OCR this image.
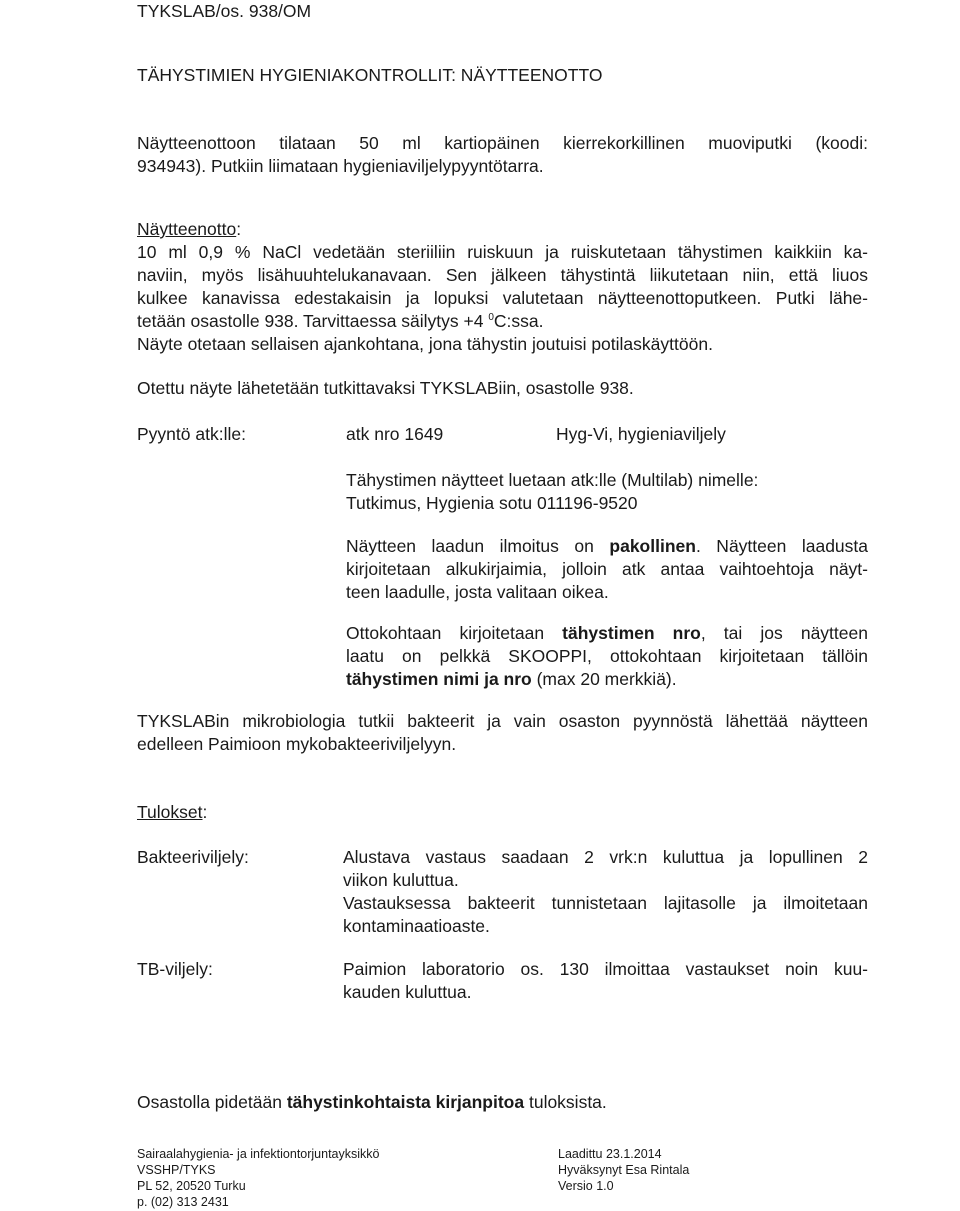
TYKSLAB/os. 938/OM
TÄHYSTIMIEN HYGIENIAKONTROLLIT: NÄYTTEENOTTO
Näytteenottoon tilataan 50 ml kartiopäinen kierrekorkillinen muoviputki (koodi:
934943). Putkiin liimataan hygieniaviljelypyyntötarra.
Näytteenotto:
10 ml 0,9 % NaCl vedetään steriiliin ruiskuun ja ruiskutetaan tähystimen kaikkiin ka-
naviin, myös lisähuuhtelukanavaan. Sen jälkeen tähystintä liikutetaan niin, että liuos
kulkee kanavissa edestakaisin ja lopuksi valutetaan näytteenottoputkeen. Putki lähe-
tetään osastolle 938. Tarvittaessa säilytys +4 $^0$C:ssa.
Näyte otetaan sellaisen ajankohtana, jona tähystin joutuisi potilaskäyttöön.
Otettu näyte lähetetään tutkittavaksi TYKSLABiin, osastolle 938.
Pyyntö atk:lle:	atk nro 1649	Hyg-Vi, hygieniaviljely
Tähystimen näytteet luetaan atk:lle (Multilab) nimelle:
Tutkimus, Hygienia sotu 011196-9520
Näytteen laadun ilmoitus on pakollinen. Näytteen laadusta
kirjoitetaan alkukirjaimia, jolloin atk antaa vaihtoehtoja näyt-
teen laadulle, josta valitaan oikea.
Ottokohtaan kirjoitetaan tähystimen nro, tai jos näytteen
laatu on pelkkä SKOOPPI, ottokohtaan kirjoitetaan tällöin
tähystimen nimi ja nro (max 20 merkkiä).
TYKSLABin mikrobiologia tutkii bakteerit ja vain osaston pyynnöstä lähettää näytteen
edelleen Paimioon mykobakteeriviljelyyn.
Tulokset:
Bakteeriviljely:	Alustava vastaus saadaan 2 vrk:n kuluttua ja lopullinen 2
viikon kuluttua.
Vastauksessa bakteerit tunnistetaan lajitasolle ja ilmoitetaan
kontaminaatioaste.
TB-viljely:	Paimion laboratorio os. 130 ilmoittaa vastaukset noin kuu-
kauden kuluttua.
Osastolla pidetään tähystinkohtaista kirjanpitoa tuloksista.
Sairaalahygienia- ja infektiontorjuntayksikkö
VSSHP/TYKS
PL 52, 20520 Turku
p. (02) 313 2431
Laadittu 23.1.2014
Hyväksynyt Esa Rintala
Versio 1.0
